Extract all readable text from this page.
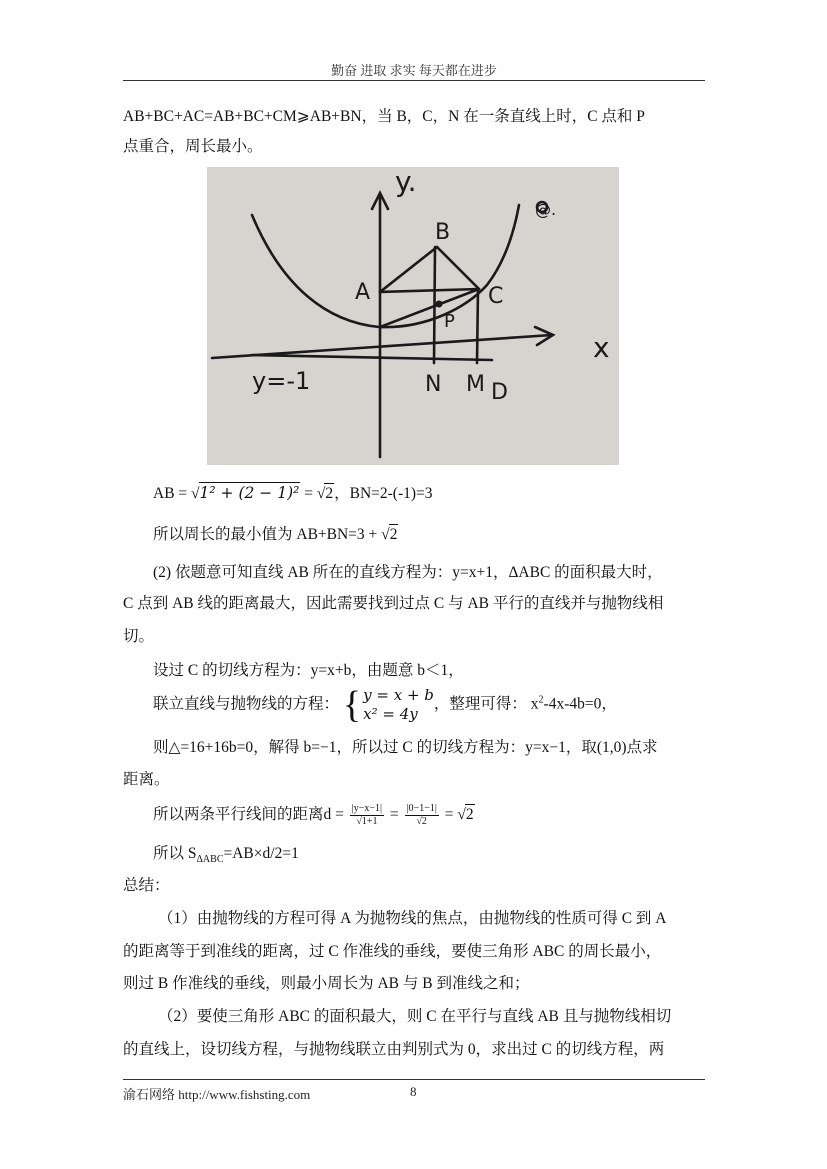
勤奋 进取 求实 每天都在进步
AB+BC+AC=AB+BC+CM⩾AB+BN，当 B，C，N 在一条直线上时，C 点和 P
点重合，周长最小。
y.
x
A
B
C
P
N M D
y=-1
@.
AB = √1² + (2 − 1)² = √2，BN=2-(-1)=3
所以周长的最小值为 AB+BN=3 + √2
(2) 依题意可知直线 AB 所在的直线方程为：y=x+1，ΔABC 的面积最大时，
C 点到 AB 线的距离最大，因此需要找到过点 C 与 AB 平行的直线并与抛物线相
切。
设过 C 的切线方程为：y=x+b，由题意 b＜1，
联立直线与抛物线的方程： { y = x + b
x² = 4y
，整理可得： $x^2-4x-4b=0$，
则△=16+16b=0，解得 b=−1，所以过 C 的切线方程为：y=x−1，取(1,0)点求
距离。
所以两条平行线间的距离$d = \frac{|y-x-1|}{√1+1} = \frac{|0-1-1|}{√2} = √2$
所以 $S_{\Delta ABC}=AB\times d/2=1$
总结：
（1）由抛物线的方程可得 A 为抛物线的焦点，由抛物线的性质可得 C 到 A
的距离等于到准线的距离，过 C 作准线的垂线，要使三角形 ABC 的周长最小，
则过 B 作准线的垂线，则最小周长为 AB 与 B 到准线之和；
（2）要使三角形 ABC 的面积最大，则 C 在平行与直线 AB 且与抛物线相切
的直线上，设切线方程，与抛物线联立由判别式为 0，求出过 C 的切线方程，两
渝石网络 http://www.fishsting.com	8
